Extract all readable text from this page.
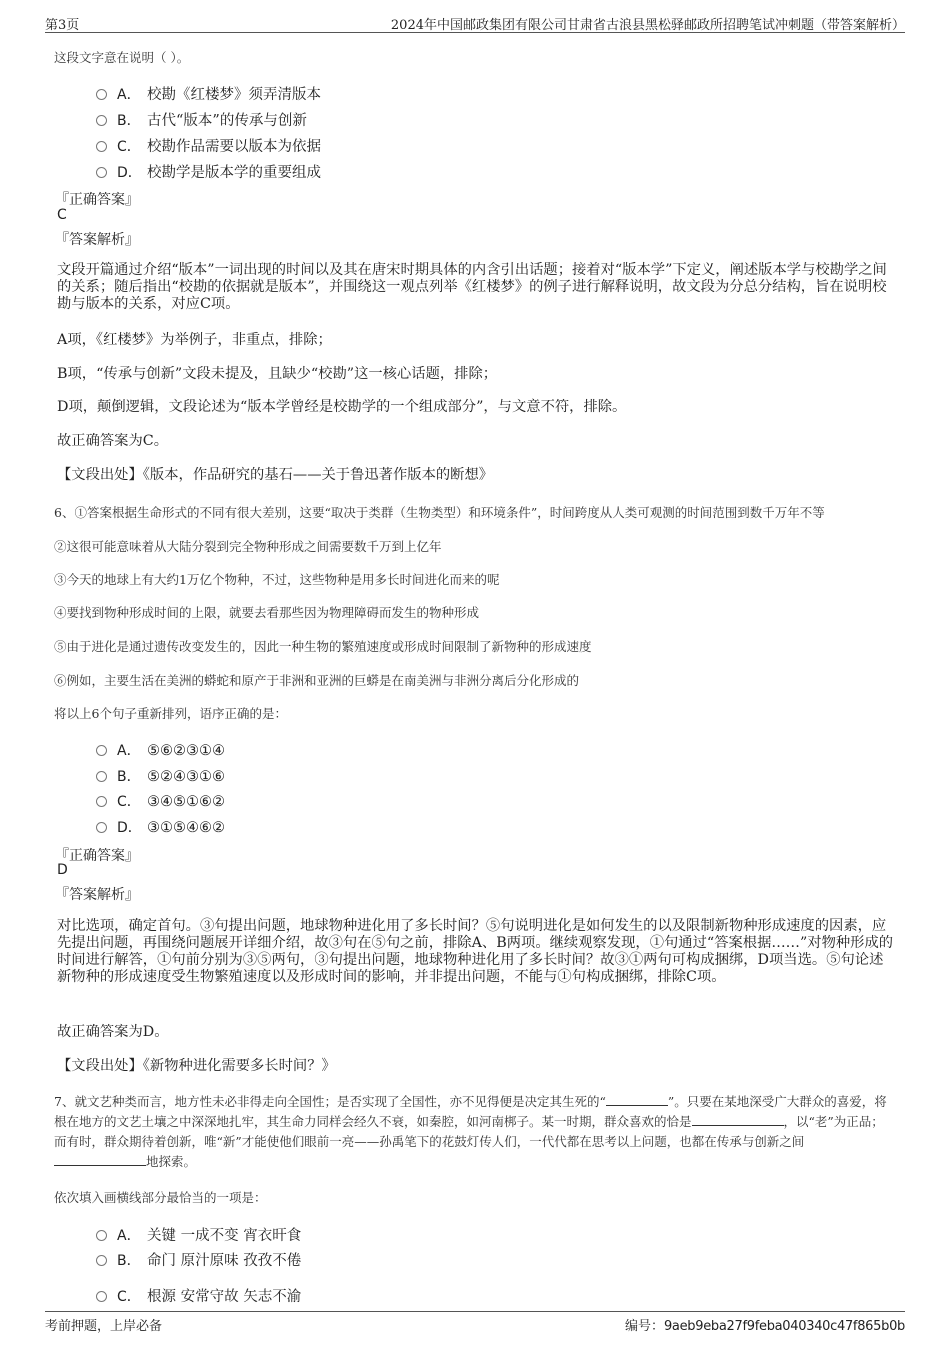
第3页	2024年中国邮政集团有限公司甘肃省古浪县黑松驿邮政所招聘笔试冲刺题（带答案解析）
这段文字意在说明（ ）。
A． 校勘《红楼梦》须弄清版本
B． 古代“版本”的传承与创新
C． 校勘作品需要以版本为依据
D． 校勘学是版本学的重要组成
『正确答案』
C
『答案解析』
文段开篇通过介绍“版本”一词出现的时间以及其在唐宋时期具体的内含引出话题；接着对“版本学”下定义，阐述版本学与校勘学之间的关系；随后指出“校勘的依据就是版本”，并围绕这一观点列举《红楼梦》的例子进行解释说明，故文段为分总分结构，旨在说明校勘与版本的关系，对应C项。
A项，《红楼梦》为举例子，非重点，排除；
B项，“传承与创新”文段未提及，且缺少“校勘”这一核心话题，排除；
D项，颠倒逻辑，文段论述为“版本学曾经是校勘学的一个组成部分”，与文意不符，排除。
故正确答案为C。
【文段出处】《版本，作品研究的基石——关于鲁迅著作版本的断想》
6、①答案根据生命形式的不同有很大差别，这要“取决于类群（生物类型）和环境条件”，时间跨度从人类可观测的时间范围到数千万年不等
②这很可能意味着从大陆分裂到完全物种形成之间需要数千万到上亿年
③今天的地球上有大约1万亿个物种，不过，这些物种是用多长时间进化而来的呢
④要找到物种形成时间的上限，就要去看那些因为物理障碍而发生的物种形成
⑤由于进化是通过遗传改变发生的，因此一种生物的繁殖速度或形成时间限制了新物种的形成速度
⑥例如，主要生活在美洲的蟒蛇和原产于非洲和亚洲的巨蟒是在南美洲与非洲分离后分化形成的
将以上6个句子重新排列，语序正确的是：
A． ⑤⑥②③①④
B． ⑤②④③①⑥
C． ③④⑤①⑥②
D． ③①⑤④⑥②
『正确答案』
D
『答案解析』
对比选项，确定首句。③句提出问题，地球物种进化用了多长时间？⑤句说明进化是如何发生的以及限制新物种形成速度的因素，应先提出问题，再围绕问题展开详细介绍，故③句在⑤句之前，排除A、B两项。继续观察发现，①句通过“答案根据……”对物种形成的时间进行解答，①句前分别为③⑤两句，③句提出问题，地球物种进化用了多长时间？故③①两句可构成捆绑，D项当选。⑤句论述新物种的形成速度受生物繁殖速度以及形成时间的影响，并非提出问题，不能与①句构成捆绑，排除C项。
故正确答案为D。
【文段出处】《新物种进化需要多长时间？》
7、就文艺种类而言，地方性未必非得走向全国性；是否实现了全国性，亦不见得便是决定其生死的“	”。只要在某地深受广大群众的喜爱，将根在地方的文艺土壤之中深深地扎牢，其生命力同样会经久不衰，如秦腔，如河南梆子。某一时期，群众喜欢的恰是	，以“老”为正品；而有时，群众期待着创新，唯“新”才能使他们眼前一亮——孙禹笔下的花鼓灯传人们，一代代都在思考以上问题，也都在传承与创新之间地探索。
依次填入画横线部分最恰当的一项是：
A． 关键 一成不变 宵衣旰食
B． 命门 原汁原味 孜孜不倦
C． 根源 安常守故 矢志不渝
考前押题，上岸必备	编号：9aeb9eba27f9feba040340c47f865b0b
